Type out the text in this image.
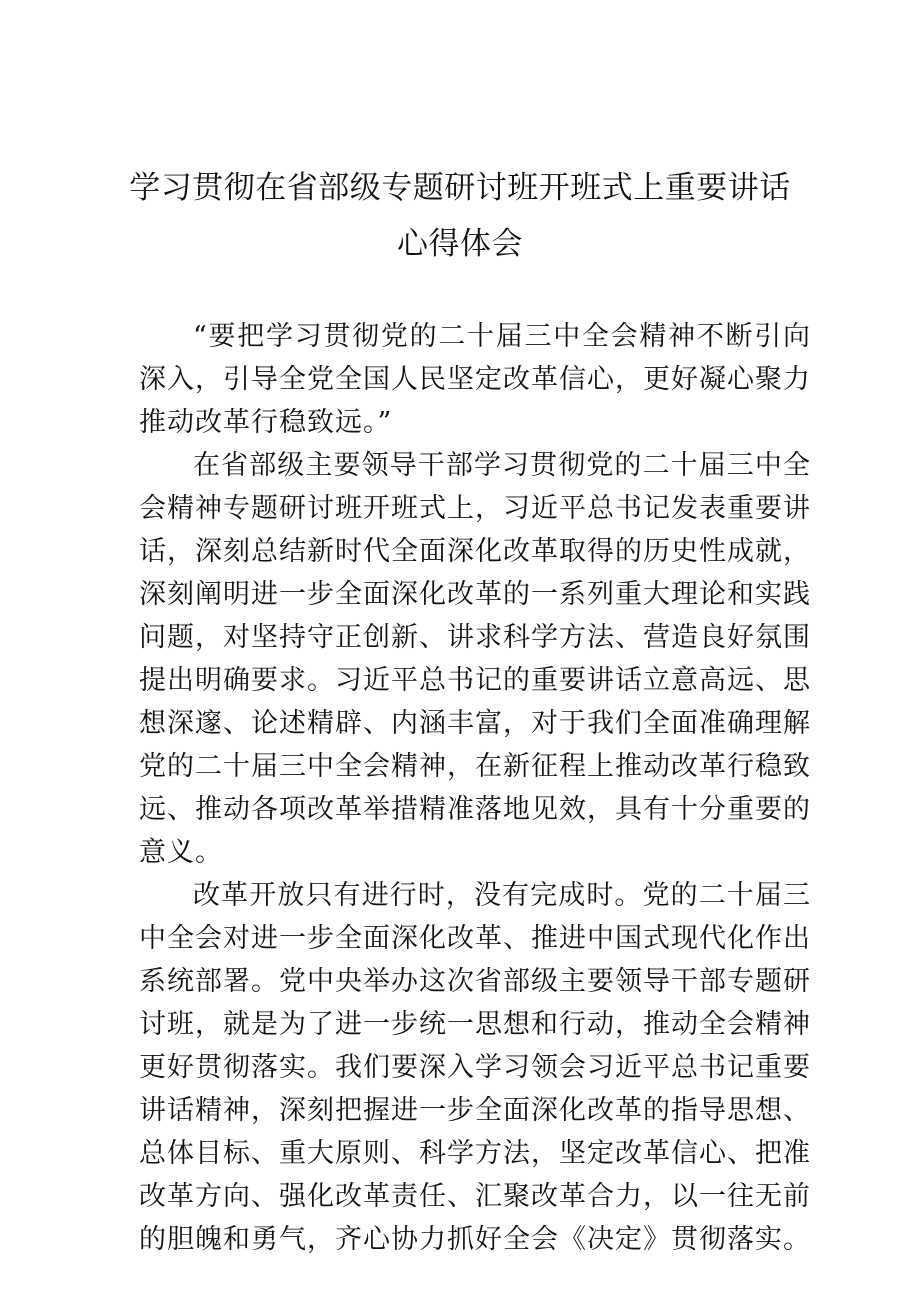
学习贯彻在省部级专题研讨班开班式上重要讲话心得体会

“要把学习贯彻党的二十届三中全会精神不断引向深入，引导全党全国人民坚定改革信心，更好凝心聚力推动改革行稳致远。”

在省部级主要领导干部学习贯彻党的二十届三中全会精神专题研讨班开班式上，习近平总书记发表重要讲话，深刻总结新时代全面深化改革取得的历史性成就，深刻阐明进一步全面深化改革的一系列重大理论和实践问题，对坚持守正创新、讲求科学方法、营造良好氛围提出明确要求。习近平总书记的重要讲话立意高远、思想深邃、论述精辟、内涵丰富，对于我们全面准确理解党的二十届三中全会精神，在新征程上推动改革行稳致远、推动各项改革举措精准落地见效，具有十分重要的意义。

改革开放只有进行时，没有完成时。党的二十届三中全会对进一步全面深化改革、推进中国式现代化作出系统部署。党中央举办这次省部级主要领导干部专题研讨班，就是为了进一步统一思想和行动，推动全会精神更好贯彻落实。我们要深入学习领会习近平总书记重要讲话精神，深刻把握进一步全面深化改革的指导思想、总体目标、重大原则、科学方法，坚定改革信心、把准改革方向、强化改革责任、汇聚改革合力，以一往无前的胆魄和勇气，齐心协力抓好全会《决定》贯彻落实。
